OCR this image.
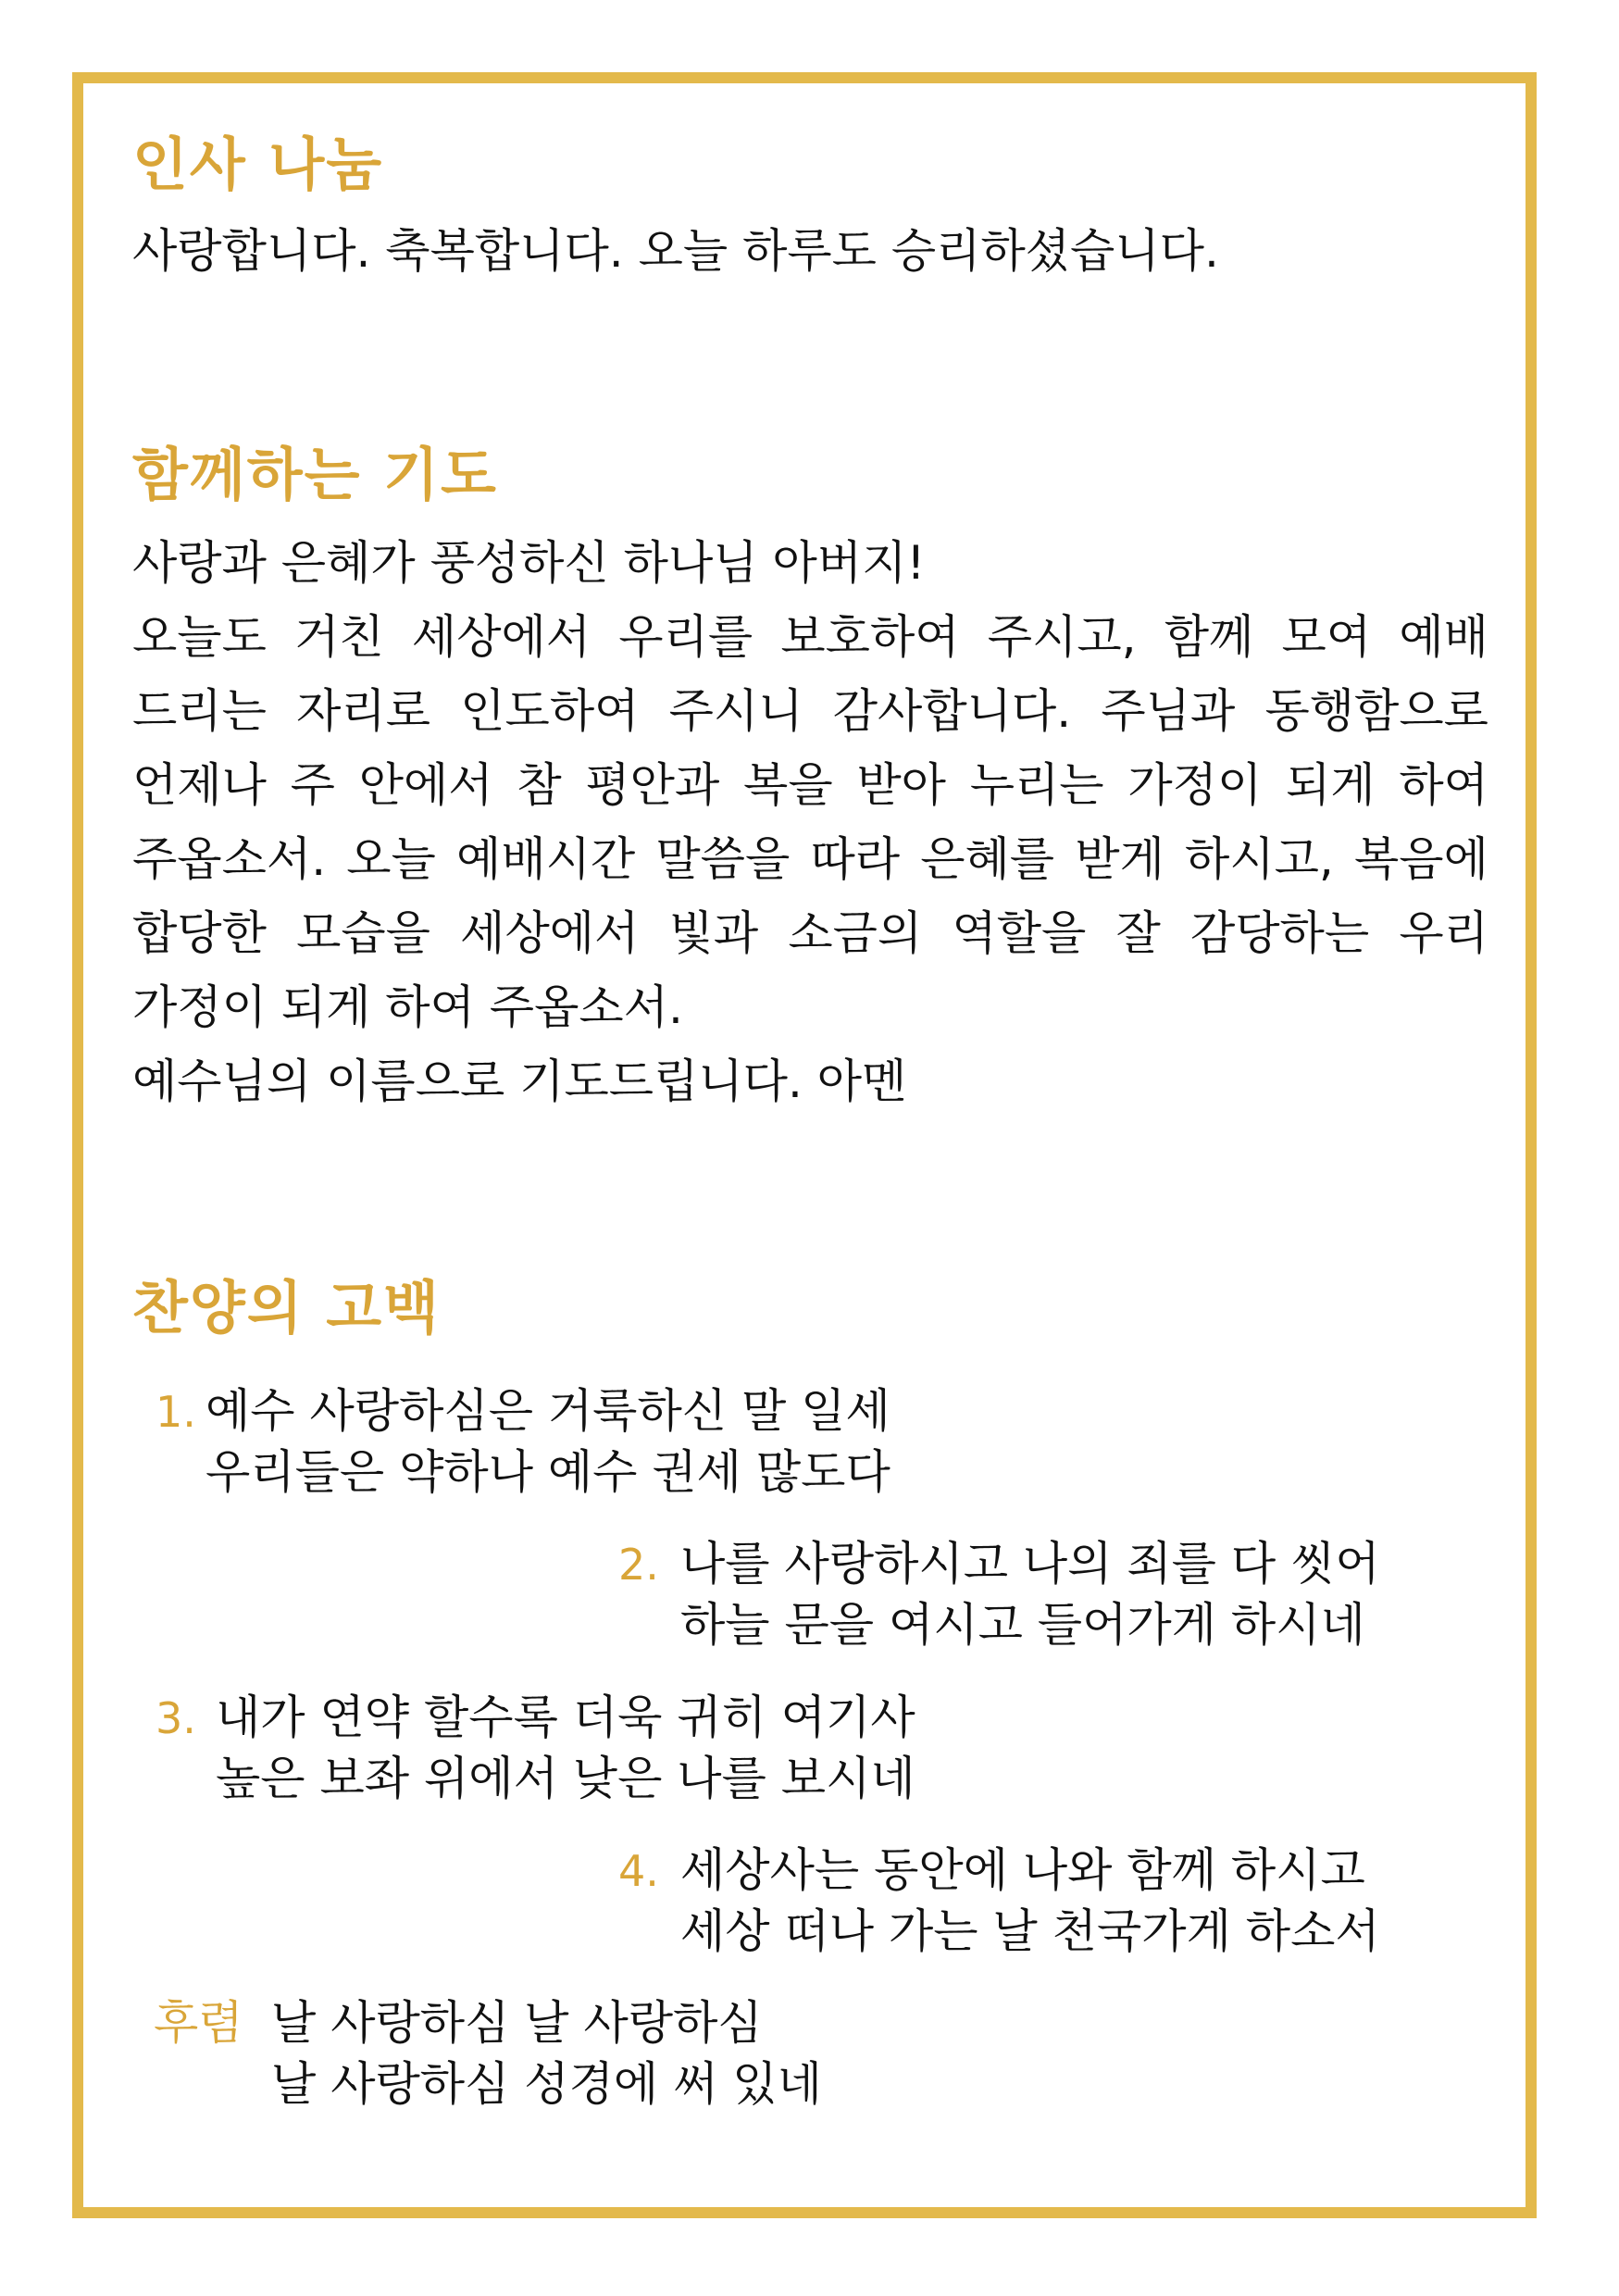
인사 나눔
사랑합니다. 축복합니다. 오늘 하루도 승리하셨습니다.
함께하는 기도
사랑과 은혜가 풍성하신 하나님 아버지!
오늘도 거친 세상에서 우리를 보호하여 주시고, 함께 모여 예배
드리는 자리로 인도하여 주시니 감사합니다. 주님과 동행함으로
언제나 주 안에서 참 평안과 복을 받아 누리는 가정이 되게 하여
주옵소서. 오늘 예배시간 말씀을 따라 은혜를 받게 하시고, 복음에
합당한 모습을 세상에서 빛과 소금의 역할을 잘 감당하는 우리
가정이 되게 하여 주옵소서.
예수님의 이름으로 기도드립니다. 아멘
찬양의 고백
1. 예수 사랑하심은 거룩하신 말 일세
우리들은 약하나 예수 권세 많도다
2. 나를 사랑하시고 나의 죄를 다 씻어
하늘 문을 여시고 들어가게 하시네
3. 내가 연약 할수록 더욱 귀히 여기사
높은 보좌 위에서 낮은 나를 보시네
4. 세상사는 동안에 나와 함께 하시고
세상 떠나 가는 날 천국가게 하소서
후렴 날 사랑하심 날 사랑하심
날 사랑하심 성경에 써 있네
